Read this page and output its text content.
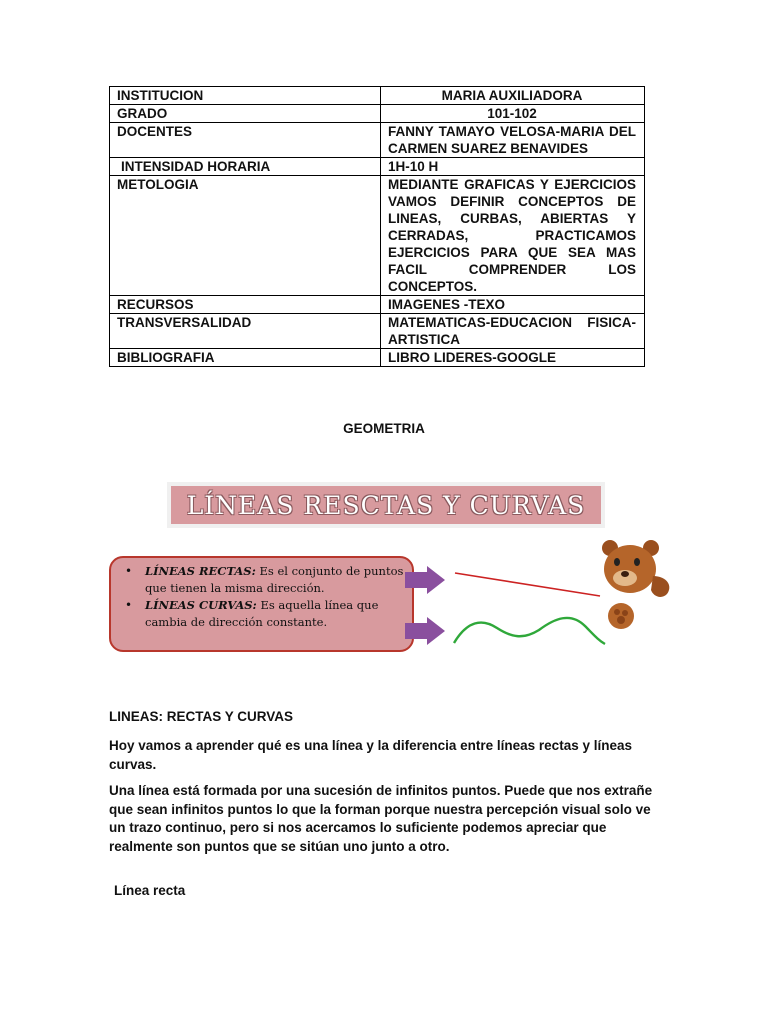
INSTITUCION	MARIA AUXILIADORA
GRADO	101-102
DOCENTES	FANNY TAMAYO VELOSA-MARIA DEL CARMEN SUAREZ BENAVIDES
INTENSIDAD HORARIA	1H-10 H
METOLOGIA	MEDIANTE GRAFICAS Y EJERCICIOS VAMOS DEFINIR CONCEPTOS DE LINEAS, CURBAS, ABIERTAS Y CERRADAS, PRACTICAMOS EJERCICIOS PARA QUE SEA MAS FACIL COMPRENDER LOS CONCEPTOS.
RECURSOS	IMAGENES -TEXO
TRANSVERSALIDAD	MATEMATICAS-EDUCACION FISICA-ARTISTICA
BIBLIOGRAFIA	LIBRO LIDERES-GOOGLE
GEOMETRIA
LÍNEAS RESCTAS Y CURVAS
• LÍNEAS RECTAS: Es el conjunto de puntos que tienen la misma dirección.
• LÍNEAS CURVAS: Es aquella línea que cambia de dirección constante.
LINEAS: RECTAS Y CURVAS

Hoy vamos a aprender qué es una línea y la diferencia entre líneas rectas y líneas curvas.

Una línea está formada por una sucesión de infinitos puntos. Puede que nos extrañe que sean infinitos puntos lo que la forman porque nuestra percepción visual solo ve un trazo continuo, pero si nos acercamos lo suficiente podemos apreciar que realmente son puntos que se sitúan uno junto a otro.

Línea recta
